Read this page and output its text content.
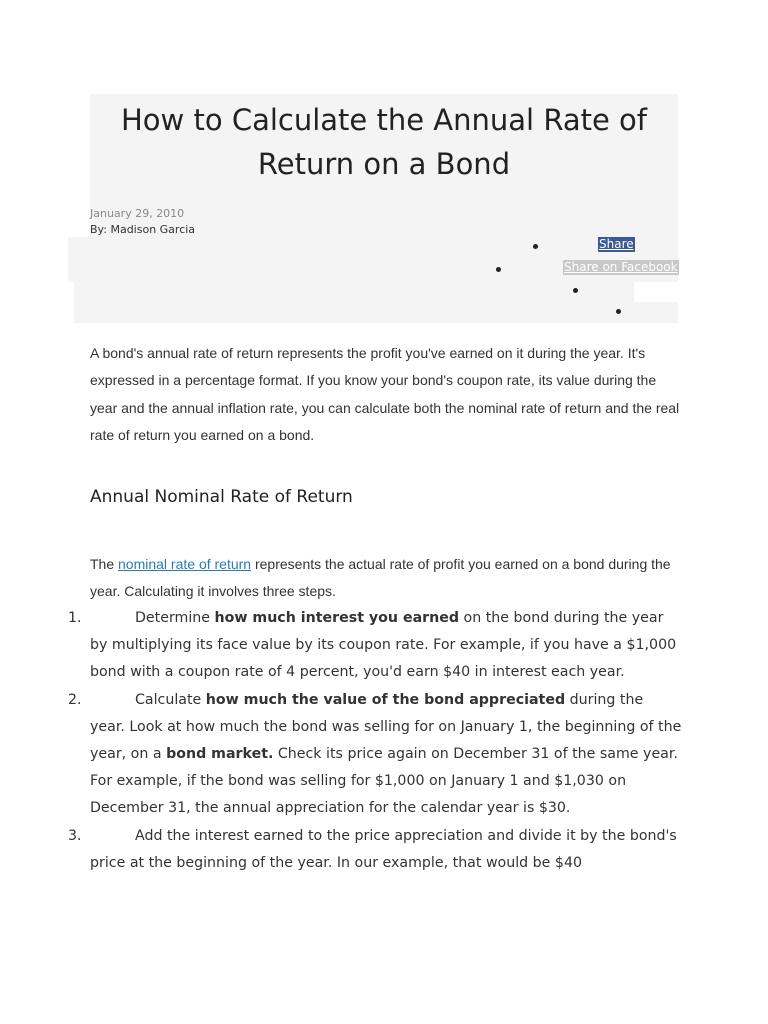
How to Calculate the Annual Rate of Return on a Bond
January 29, 2010
By: Madison Garcia
Share
Share on Facebook

A bond's annual rate of return represents the profit you've earned on it during the year. It's expressed in a percentage format. If you know your bond's coupon rate, its value during the year and the annual inflation rate, you can calculate both the nominal rate of return and the real rate of return you earned on a bond.

Annual Nominal Rate of Return

The nominal rate of return represents the actual rate of profit you earned on a bond during the year. Calculating it involves three steps.

1.	Determine how much interest you earned on the bond during the year by multiplying its face value by its coupon rate. For example, if you have a $1,000 bond with a coupon rate of 4 percent, you'd earn $40 in interest each year.
2.	Calculate how much the value of the bond appreciated during the year. Look at how much the bond was selling for on January 1, the beginning of the year, on a bond market. Check its price again on December 31 of the same year. For example, if the bond was selling for $1,000 on January 1 and $1,030 on December 31, the annual appreciation for the calendar year is $30.
3.	Add the interest earned to the price appreciation and divide it by the bond's price at the beginning of the year. In our example, that would be $40
